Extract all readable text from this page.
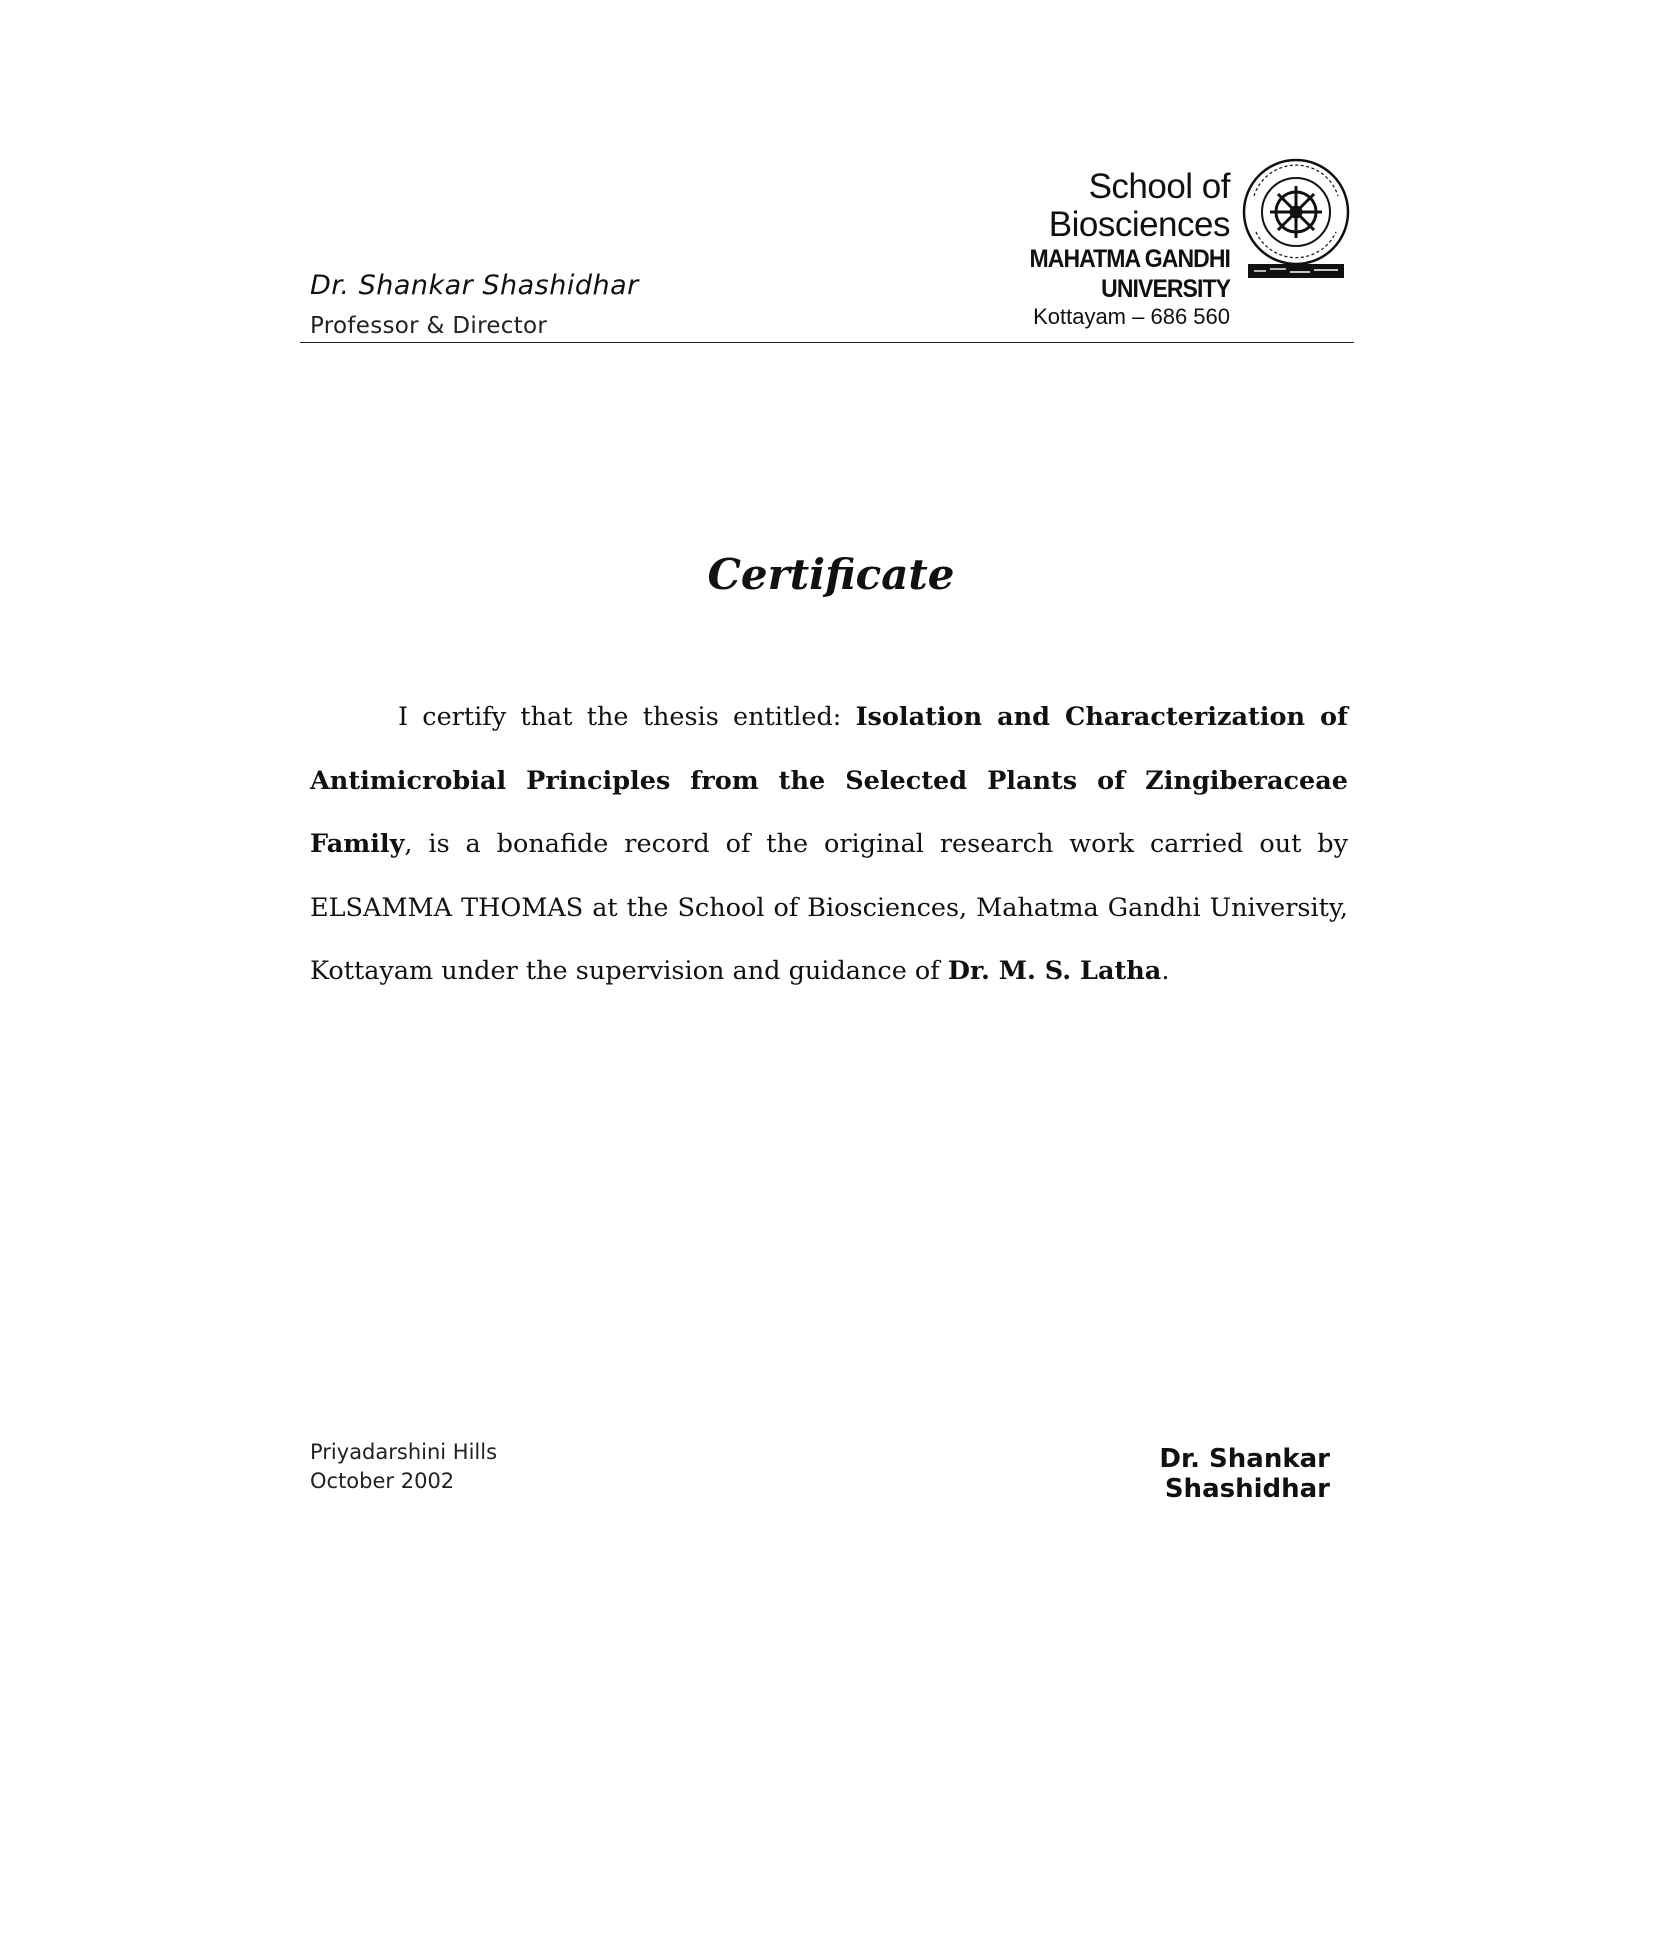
School of Biosciences
MAHATMA GANDHI UNIVERSITY
Kottayam – 686 560
Dr. Shankar Shashidhar
Professor & Director
Certificate

I certify that the thesis entitled: Isolation and Characterization of Antimicrobial Principles from the Selected Plants of Zingiberaceae Family, is a bonafide record of the original research work carried out by ELSAMMA THOMAS at the School of Biosciences, Mahatma Gandhi University, Kottayam under the supervision and guidance of Dr. M. S. Latha.

Priyadarshini Hills
October 2002
Dr. Shankar Shashidhar
